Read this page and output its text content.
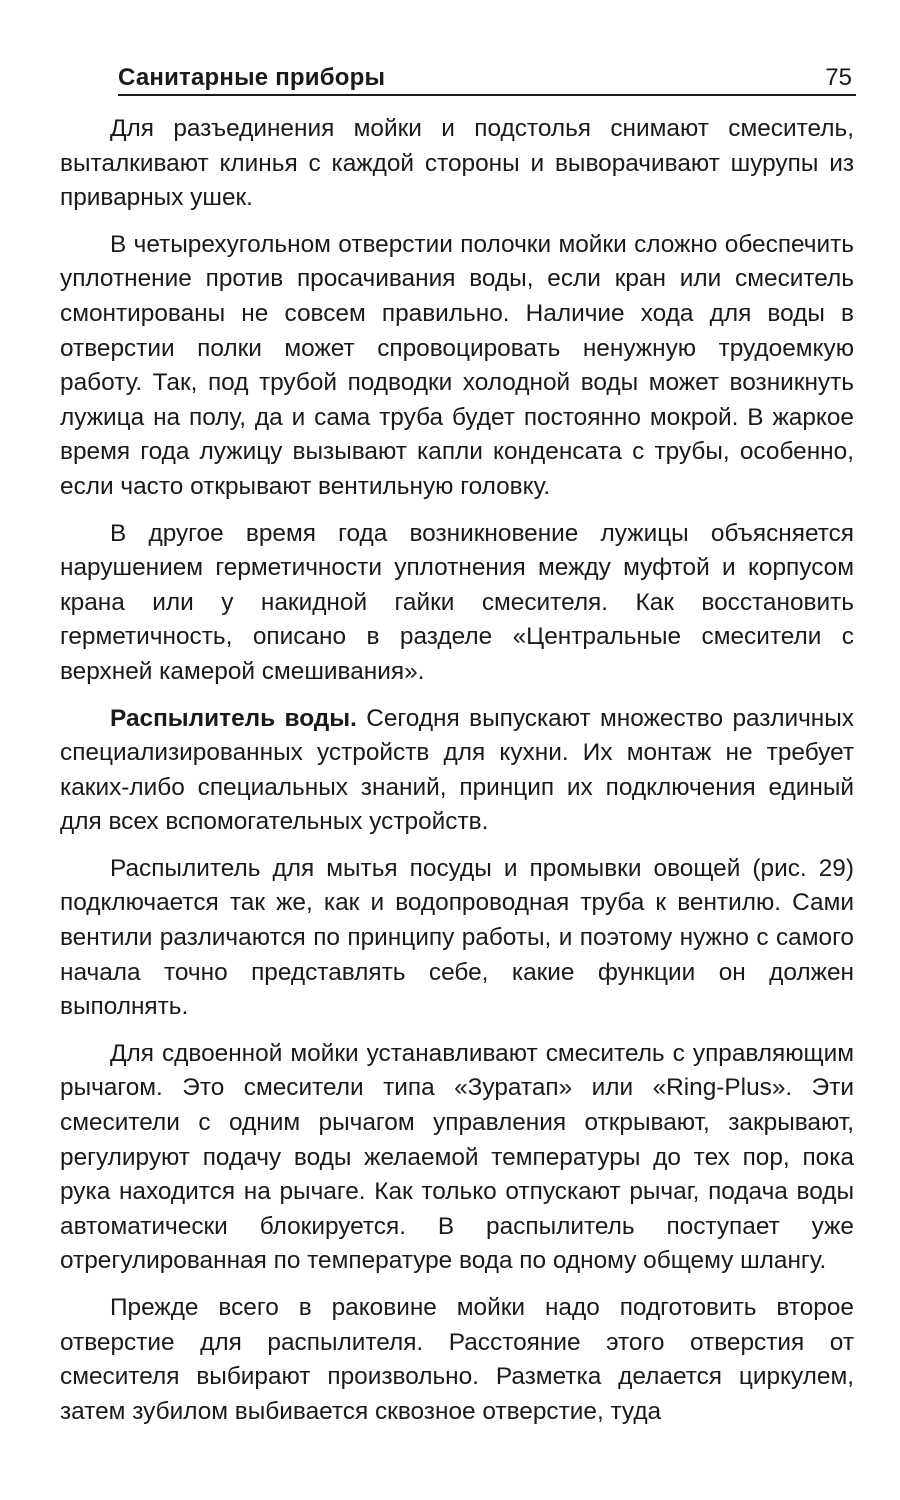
Санитарные приборы	75

Для разъединения мойки и подстолья снимают смеситель, выталкивают клинья с каждой стороны и выворачивают шурупы из приварных ушек.

В четырехугольном отверстии полочки мойки сложно обеспечить уплотнение против просачивания воды, если кран или смеситель смонтированы не совсем правильно. Наличие хода для воды в отверстии полки может спровоцировать ненужную трудоемкую работу. Так, под трубой подводки холодной воды может возникнуть лужица на полу, да и сама труба будет постоянно мокрой. В жаркое время года лужицу вызывают капли конденсата с трубы, особенно, если часто открывают вентильную головку.

В другое время года возникновение лужицы объясняется нарушением герметичности уплотнения между муфтой и корпусом крана или у накидной гайки смесителя. Как восстановить герметичность, описано в разделе «Центральные смесители с верхней камерой смешивания».

Распылитель воды. Сегодня выпускают множество различных специализированных устройств для кухни. Их монтаж не требует каких-либо специальных знаний, принцип их подключения единый для всех вспомогательных устройств.

Распылитель для мытья посуды и промывки овощей (рис. 29) подключается так же, как и водопроводная труба к вентилю. Сами вентили различаются по принципу работы, и поэтому нужно с самого начала точно представлять себе, какие функции он должен выполнять.

Для сдвоенной мойки устанавливают смеситель с управляющим рычагом. Это смесители типа «Зуратап» или «Ring-Plus». Эти смесители с одним рычагом управления открывают, закрывают, регулируют подачу воды желаемой температуры до тех пор, пока рука находится на рычаге. Как только отпускают рычаг, подача воды автоматически блокируется. В распылитель поступает уже отрегулированная по температуре вода по одному общему шлангу.

Прежде всего в раковине мойки надо подготовить второе отверстие для распылителя. Расстояние этого отверстия от смесителя выбирают произвольно. Разметка делается циркулем, затем зубилом выбивается сквозное отверстие, туда
